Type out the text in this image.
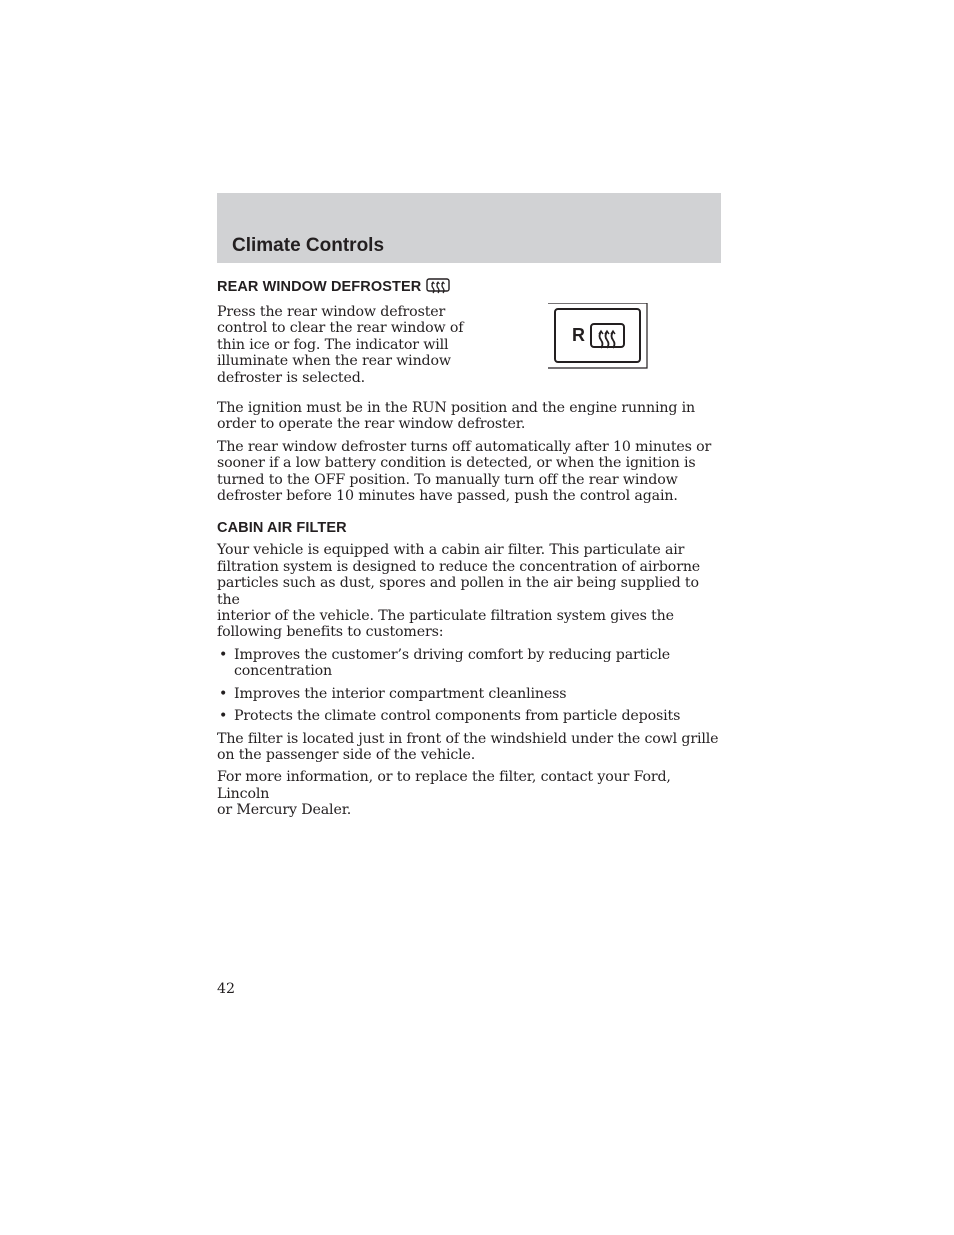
Climate Controls
REAR WINDOW DEFROSTER

Press the rear window defroster

control to clear the rear window of

thin ice or fog. The indicator will

illuminate when the rear window

defroster is selected.

R

The ignition must be in the RUN position and the engine running in

order to operate the rear window defroster.

The rear window defroster turns off automatically after 10 minutes or

sooner if a low battery condition is detected, or when the ignition is

turned to the OFF position. To manually turn off the rear window

defroster before 10 minutes have passed, push the control again.

CABIN AIR FILTER

Your vehicle is equipped with a cabin air filter. This particulate air

filtration system is designed to reduce the concentration of airborne

particles such as dust, spores and pollen in the air being supplied to the

interior of the vehicle. The particulate filtration system gives the

following benefits to customers:

• Improves the customer’s driving comfort by reducing particle
concentration
• Improves the interior compartment cleanliness
• Protects the climate control components from particle deposits

The filter is located just in front of the windshield under the cowl grille

on the passenger side of the vehicle.

For more information, or to replace the filter, contact your Ford, Lincoln

or Mercury Dealer.

42
